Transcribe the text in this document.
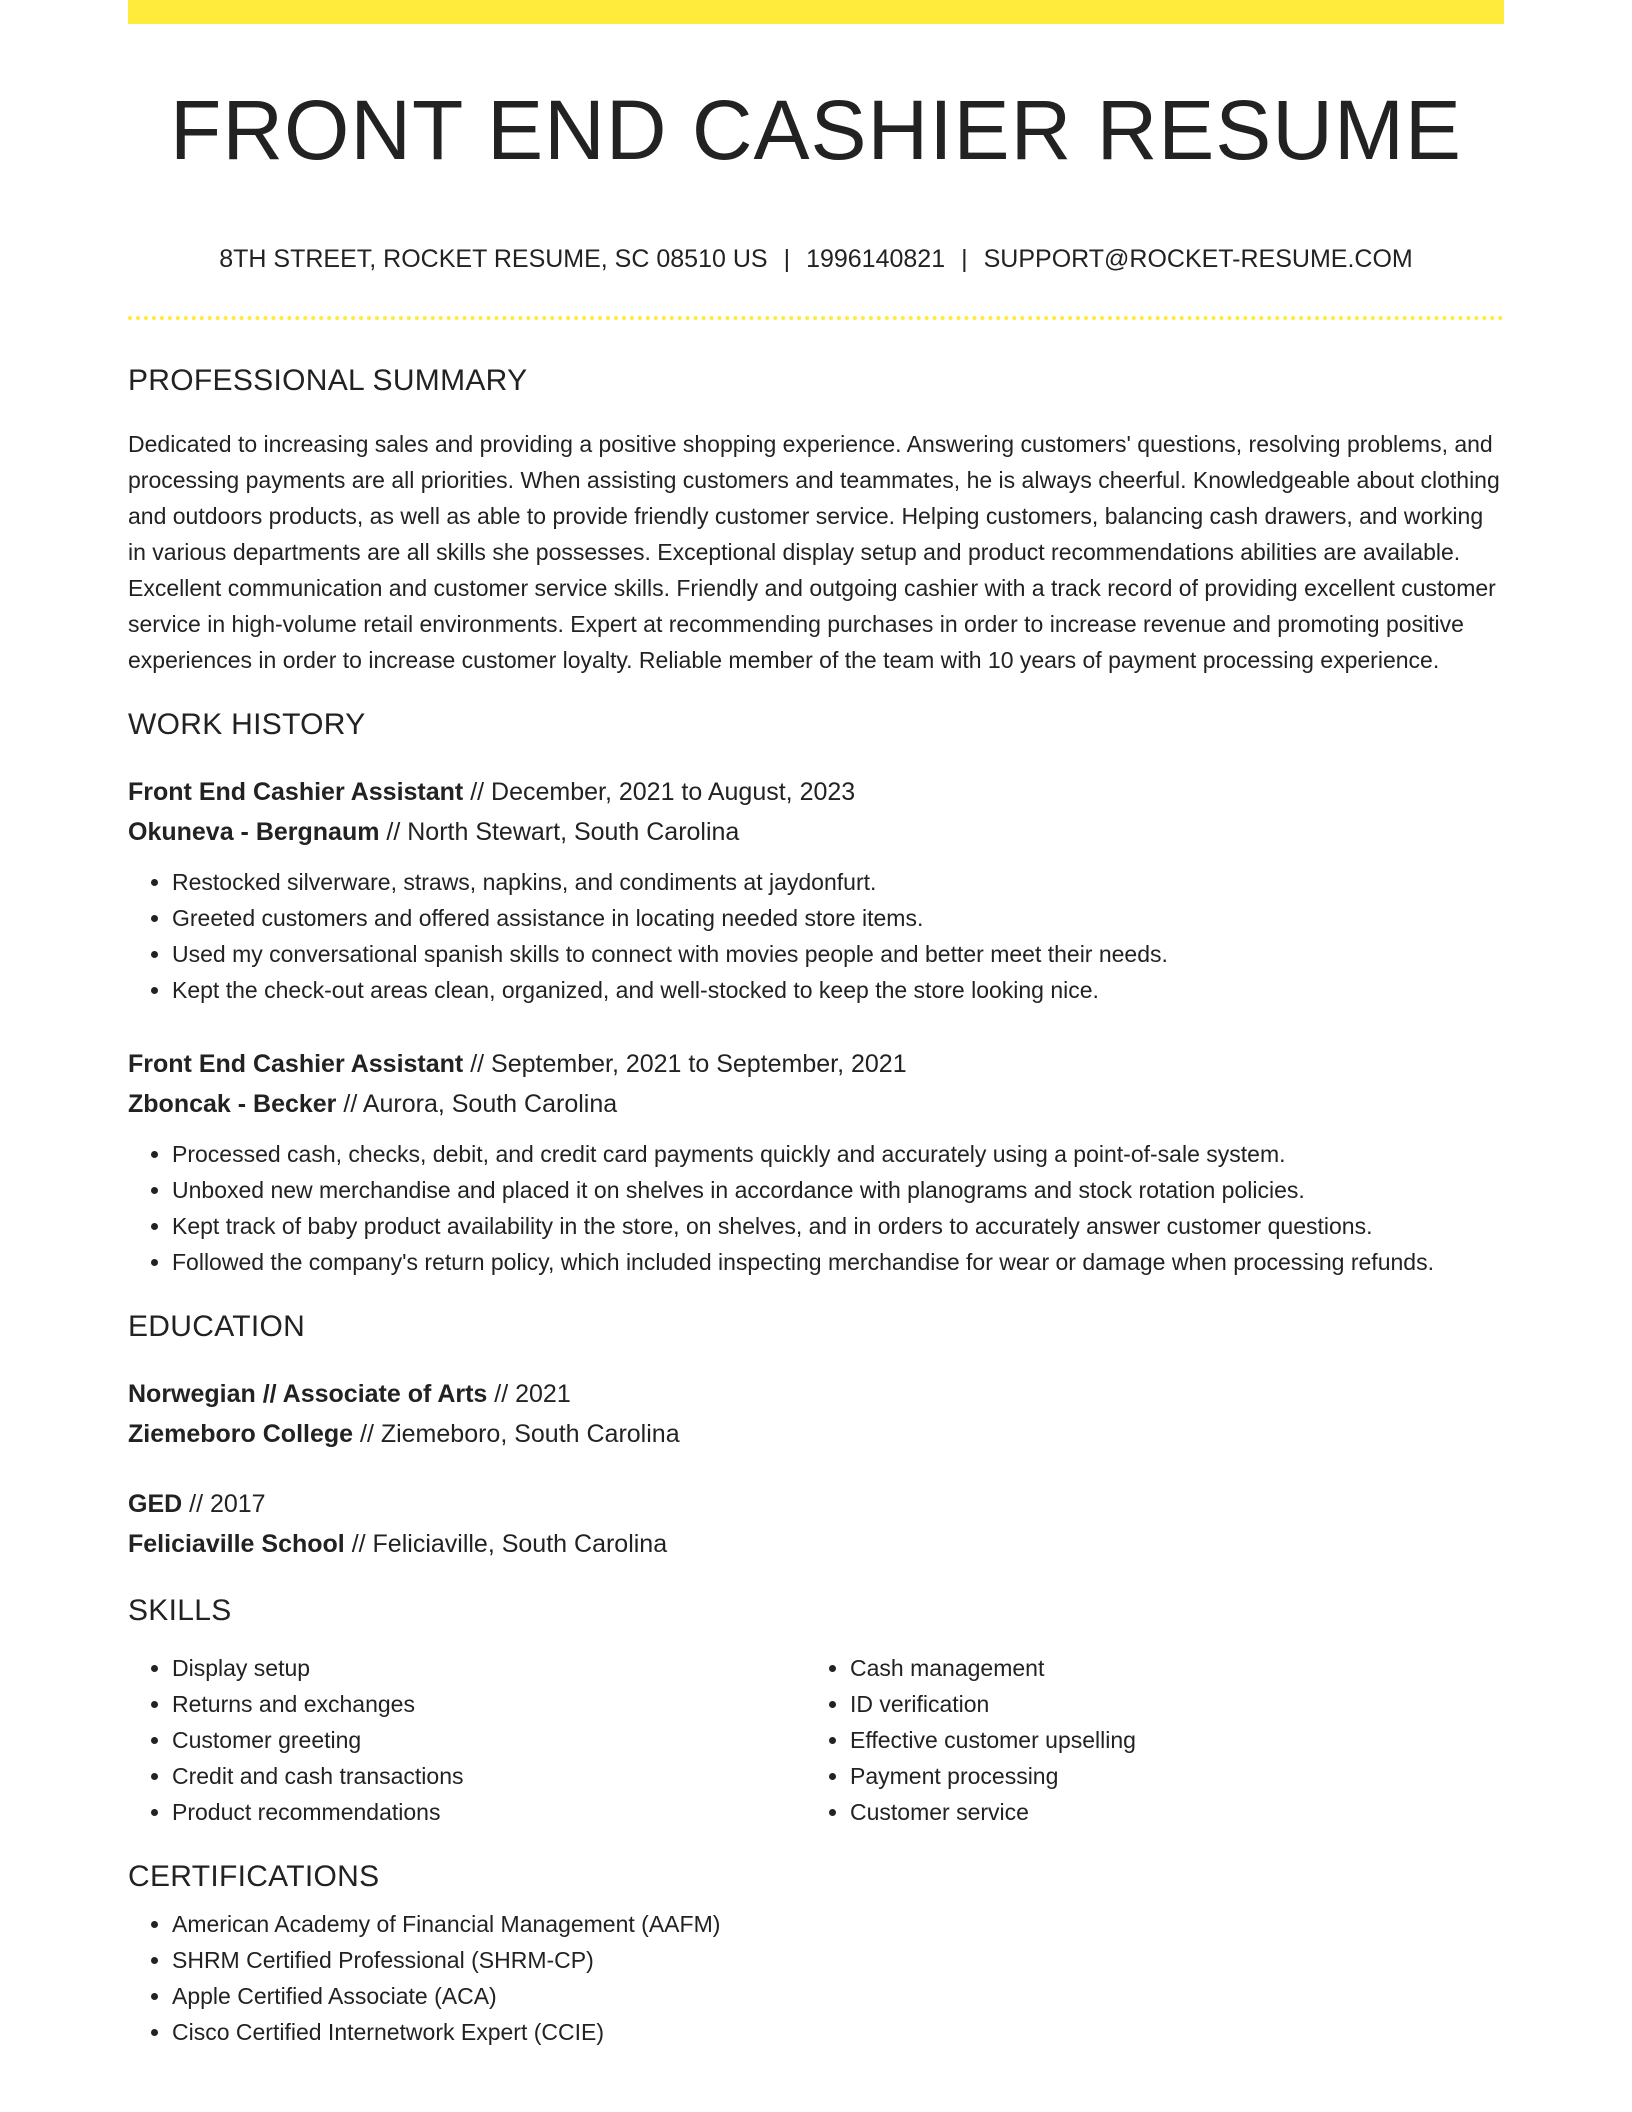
FRONT END CASHIER RESUME
8TH STREET, ROCKET RESUME, SC 08510 US | 1996140821 | SUPPORT@ROCKET-RESUME.COM
PROFESSIONAL SUMMARY

Dedicated to increasing sales and providing a positive shopping experience. Answering customers' questions, resolving problems, and processing payments are all priorities. When assisting customers and teammates, he is always cheerful. Knowledgeable about clothing and outdoors products, as well as able to provide friendly customer service. Helping customers, balancing cash drawers, and working in various departments are all skills she possesses. Exceptional display setup and product recommendations abilities are available. Excellent communication and customer service skills. Friendly and outgoing cashier with a track record of providing excellent customer service in high-volume retail environments. Expert at recommending purchases in order to increase revenue and promoting positive experiences in order to increase customer loyalty. Reliable member of the team with 10 years of payment processing experience.

WORK HISTORY
Front End Cashier Assistant // December, 2021 to August, 2023
Okuneva - Bergnaum // North Stewart, South Carolina
• Restocked silverware, straws, napkins, and condiments at jaydonfurt.
• Greeted customers and offered assistance in locating needed store items.
• Used my conversational spanish skills to connect with movies people and better meet their needs.
• Kept the check-out areas clean, organized, and well-stocked to keep the store looking nice.
Front End Cashier Assistant // September, 2021 to September, 2021
Zboncak - Becker // Aurora, South Carolina
• Processed cash, checks, debit, and credit card payments quickly and accurately using a point-of-sale system.
• Unboxed new merchandise and placed it on shelves in accordance with planograms and stock rotation policies.
• Kept track of baby product availability in the store, on shelves, and in orders to accurately answer customer questions.
• Followed the company's return policy, which included inspecting merchandise for wear or damage when processing refunds.
EDUCATION
Norwegian // Associate of Arts // 2021
Ziemeboro College // Ziemeboro, South Carolina
GED // 2017
Feliciaville School // Feliciaville, South Carolina
SKILLS
• Display setup
• Returns and exchanges
• Customer greeting
• Credit and cash transactions
• Product recommendations
• Cash management
• ID verification
• Effective customer upselling
• Payment processing
• Customer service
CERTIFICATIONS
• American Academy of Financial Management (AAFM)
• SHRM Certified Professional (SHRM-CP)
• Apple Certified Associate (ACA)
• Cisco Certified Internetwork Expert (CCIE)
